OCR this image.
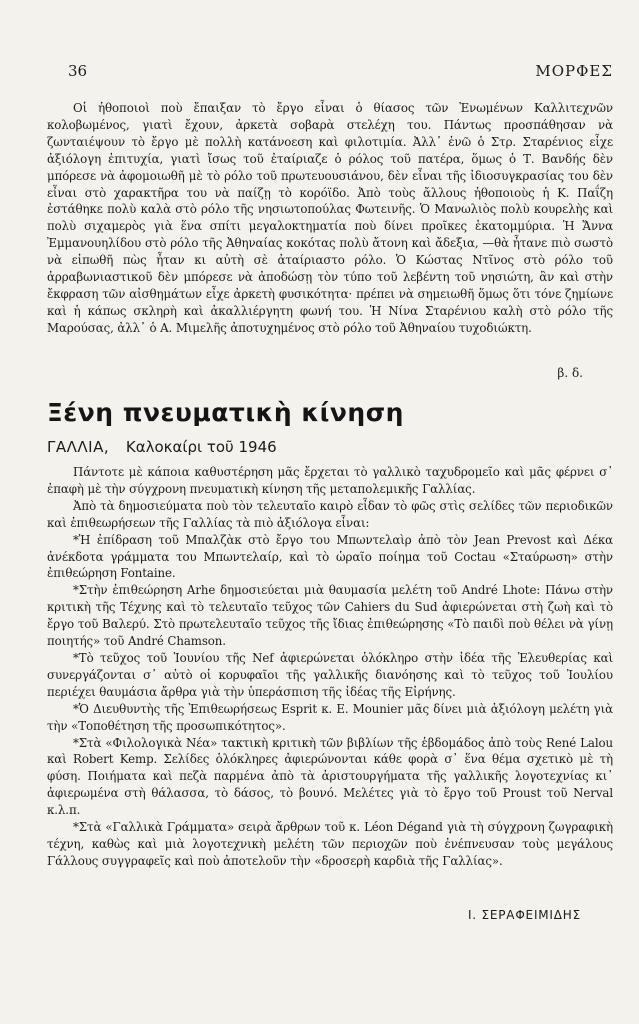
36	ΜΟΡΦΕΣ

Οἱ ἠθοποιοὶ ποὺ ἔπαιξαν τὸ ἔργο εἶναι ὁ θίασος τῶν Ἑνωμένων Καλλιτεχνῶν κολοβωμένος, γιατὶ ἔχουν, ἀρκετὰ σοβαρὰ στελέχη του. Πάντως προσπάθησαν νὰ ζωνταιέψουν τὸ ἔργο μὲ πολλὴ κατάνοεση καὶ φιλοτιμία. Ἀλλ᾽ ἐνῶ ὁ Στρ. Σταρένιος εἶχε ἀξιόλογη ἐπιτυχία, γιατὶ ἴσως τοῦ ἐταίριαζε ὁ ρόλος τοῦ πατέρα, ὅμως ὁ Τ. Βανδής δὲν μπόρεσε νὰ ἀφομοιωθῆ μὲ τὸ ρόλο τοῦ πρωτευουσιάνου, δὲν εἶναι τῆς ἰδιοσυγκρασίας του δὲν εἶναι στὸ χαρακτῆρα του νὰ παίζῃ τὸ κορόϊδο. Ἀπὸ τοὺς ἄλλους ἠθοποιοὺς ἡ Κ. Παΐζη ἐστάθηκε πολὺ καλὰ στὸ ρόλο τῆς νησιωτοπούλας Φωτεινῆς. Ὁ Μανωλιὸς πολὺ κουρελὴς καὶ πολὺ σιχαμερὸς γιὰ ἕνα σπίτι μεγαλοκτηματία ποὺ δίνει προῖκες ἑκατομμύρια. Ἡ Ἄννα Ἐμμανουηλίδου στὸ ρόλο τῆς Ἀθηναίας κοκότας πολὺ ἄτονη καὶ ἄδεξια, —θὰ ἦτανε πιὸ σωστὸ νὰ εἰπωθῆ πὼς ἦταν κι αὐτὴ σὲ ἀταίριαστο ρόλο. Ὁ Κώστας Ντῖνος στὸ ρόλο τοῦ ἀρραβωνιαστικοῦ δὲν μπόρεσε νὰ ἀποδώσῃ τὸν τύπο τοῦ λεβέντη τοῦ νησιώτη, ἂν καὶ στὴν ἔκφραση τῶν αἰσθημάτων εἶχε ἀρκετὴ φυσικότητα· πρέπει νὰ σημειωθῆ ὅμως ὅτι τόνε ζημίωνε καὶ ἡ κάπως σκληρὴ καὶ ἀκαλλιέργητη φωνή του. Ἡ Νίνα Σταρένιου καλὴ στὸ ρόλο τῆς Μαρούσας, ἀλλ᾽ ὁ Α. Μιμελῆς ἀποτυχημένος στὸ ρόλο τοῦ Ἀθηναίου τυχοδιώκτη.

β. δ.
Ξένη πνευματικὴ κίνηση
ΓΑΛΛΙΑ, Καλοκαίρι τοῦ 1946

Πάντοτε μὲ κάποια καθυστέρηση μᾶς ἔρχεται τὸ γαλλικὸ ταχυδρομεῖο καὶ μᾶς φέρνει σ᾽ ἐπαφὴ μὲ τὴν σύγχρονη πνευματικὴ κίνηση τῆς μεταπολεμικῆς Γαλλίας.

Ἀπὸ τὰ δημοσιεύματα ποὺ τὸν τελευταῖο καιρὸ εἶδαν τὸ φῶς στὶς σελίδες τῶν περιοδικῶν καὶ ἐπιθεωρήσεων τῆς Γαλλίας τὰ πιὸ ἀξιόλογα εἶναι:

*Ἡ ἐπίδραση τοῦ Μπαλζὰκ στὸ ἔργο του Μπωντελαὶρ ἀπὸ τὸν Jean Prevost καὶ Δέκα ἀνέκδοτα γράμματα του Μπωντελαίρ, καὶ τὸ ὡραῖο ποίημα τοῦ Coctau «Σταύρωση» στὴν ἐπιθεώρηση Fontaine.

*Στὴν ἐπιθεώρηση Arhe δημοσιεύεται μιὰ θαυμασία μελέτη τοῦ André Lhote: Πάνω στὴν κριτικὴ τῆς Τέχνης καὶ τὸ τελευταῖο τεῦχος τῶν Cahiers du Sud ἀφιερώνεται στὴ ζωὴ καὶ τὸ ἔργο τοῦ Βαλερύ. Στὸ πρωτελευταῖο τεῦχος τῆς ἴδιας ἐπιθεώρησης «Τὸ παιδὶ ποὺ θέλει νὰ γίνῃ ποιητής» τοῦ André Chamson.

*Τὸ τεῦχος τοῦ Ἰουνίου τῆς Nef ἀφιερώνεται ὁλόκληρο στὴν ἰδέα τῆς Ἐλευθερίας καὶ συνεργάζονται σ᾽ αὐτὸ οἱ κορυφαῖοι τῆς γαλλικῆς διανόησης καὶ τὸ τεῦχος τοῦ Ἰουλίου περιέχει θαυμάσια ἄρθρα γιὰ τὴν ὑπεράσπιση τῆς ἰδέας τῆς Εἰρήνης.

*Ὁ Διευθυντὴς τῆς Ἐπιθεωρήσεως Esprit κ. E. Mounier μᾶς δίνει μιὰ ἀξιόλογη μελέτη γιὰ τὴν «Τοποθέτηση τῆς προσωπικότητος».

*Στὰ «Φιλολογικὰ Νέα» τακτικὴ κριτικὴ τῶν βιβλίων τῆς ἑβδομάδος ἀπὸ τοὺς René Lalou καὶ Robert Kemp. Σελίδες ὁλόκληρες ἀφιερώνονται κάθε φορὰ σ᾽ ἕνα θέμα σχετικὸ μὲ τὴ φύση. Ποιήματα καὶ πεζὰ παρμένα ἀπὸ τὰ ἀριστουργήματα τῆς γαλλικῆς λογοτεχνίας κι᾽ ἀφιερωμένα στὴ θάλασσα, τὸ δάσος, τὸ βουνό. Μελέτες γιὰ τὸ ἔργο τοῦ Proust τοῦ Nerval κ.λ.π.

*Στὰ «Γαλλικὰ Γράμματα» σειρὰ ἄρθρων τοῦ κ. Léon Dégand γιὰ τὴ σύγχρονη ζωγραφικὴ τέχνη, καθὼς καὶ μιὰ λογοτεχνικὴ μελέτη τῶν περιοχῶν ποὺ ἐνέπνευσαν τοὺς μεγάλους Γάλλους συγγραφεῖς καὶ ποὺ ἀποτελοῦν τὴν «δροσερὴ καρδιὰ τῆς Γαλλίας».

Ι. ΣΕΡΑΦΕΙΜΙΔΗΣ
